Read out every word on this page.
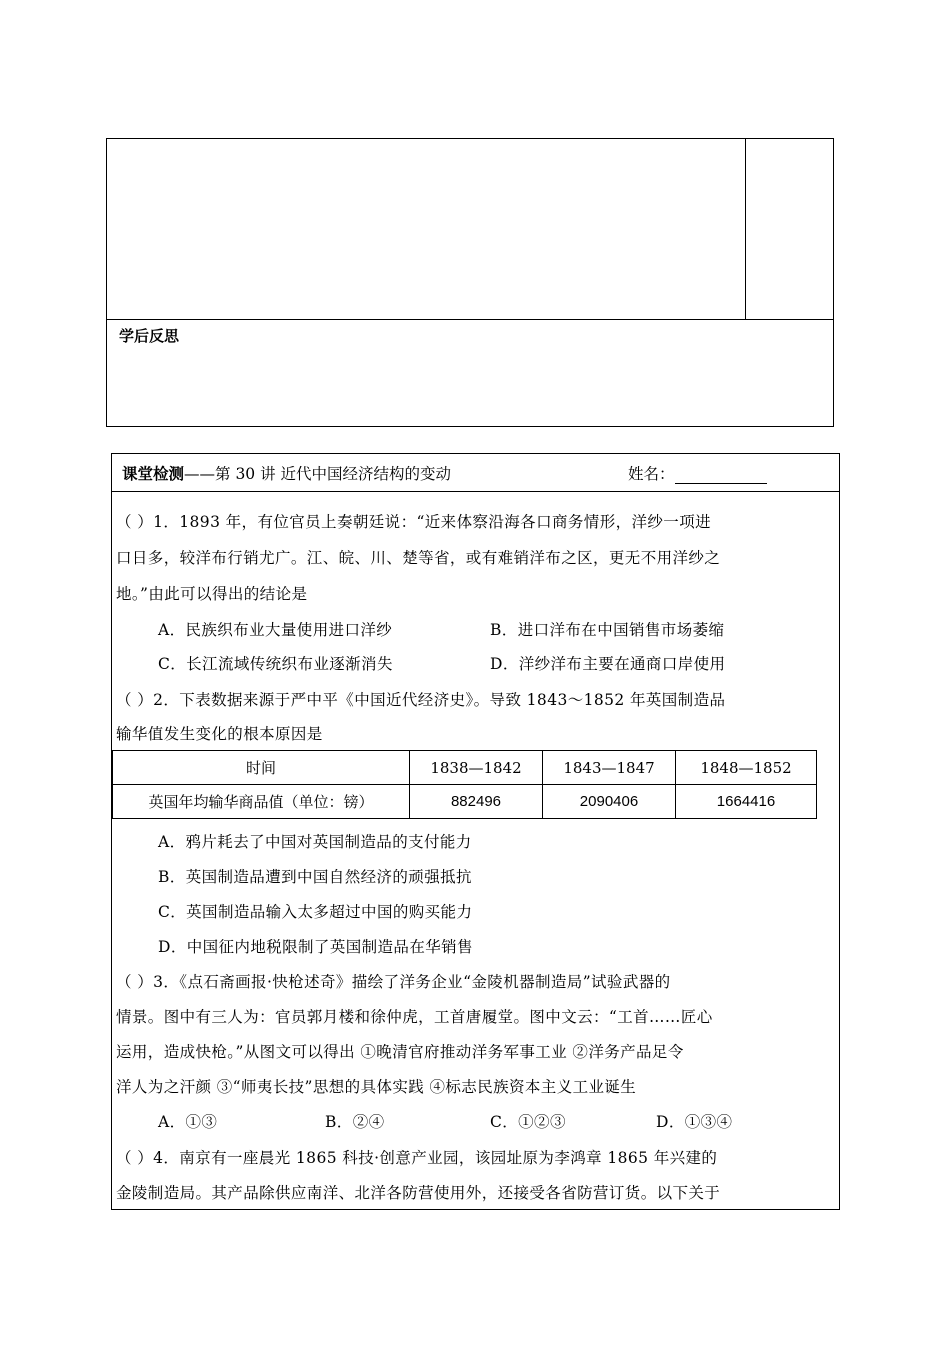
学后反思
课堂检测——第 30 讲 近代中国经济结构的变动	姓名：
（ ）1．1893 年，有位官员上奏朝廷说：“近来体察沿海各口商务情形，洋纱一项进
口日多，较洋布行销尤广。江、皖、川、楚等省，或有难销洋布之区，更无不用洋纱之
地。”由此可以得出的结论是
A．民族织布业大量使用进口洋纱	B．进口洋布在中国销售市场萎缩
C．长江流域传统织布业逐渐消失	D．洋纱洋布主要在通商口岸使用
（ ）2．下表数据来源于严中平《中国近代经济史》。导致 1843～1852 年英国制造品
输华值发生变化的根本原因是
时间	1838—1842	1843—1847	1848—1852
英国年均输华商品值（单位：镑）	882496	2090406	1664416
A．鸦片耗去了中国对英国制造品的支付能力
B．英国制造品遭到中国自然经济的顽强抵抗
C．英国制造品输入太多超过中国的购买能力
D．中国征内地税限制了英国制造品在华销售
（ ）3．《点石斋画报·快枪述奇》描绘了洋务企业“金陵机器制造局”试验武器的
情景。图中有三人为：官员郭月楼和徐仲虎，工首唐履堂。图中文云：“工首……匠心
运用，造成快枪。”从图文可以得出 ①晚清官府推动洋务军事工业 ②洋务产品足令
洋人为之汗颜 ③“师夷长技”思想的具体实践 ④标志民族资本主义工业诞生
A．①③	B．②④	C．①②③	D．①③④
（ ）4．南京有一座晨光 1865 科技·创意产业园，该园址原为李鸿章 1865 年兴建的
金陵制造局。其产品除供应南洋、北洋各防营使用外，还接受各省防营订货。以下关于
